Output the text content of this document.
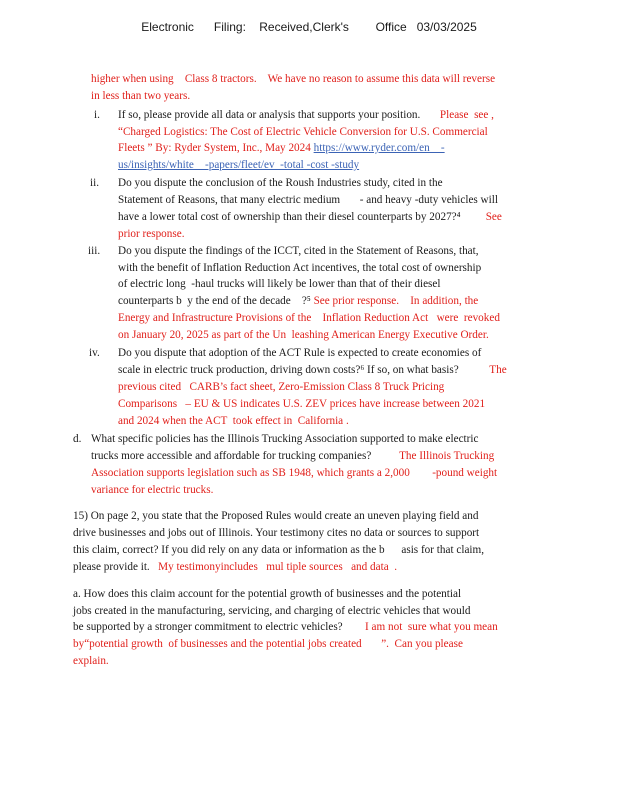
Electronic      Filing:    Received,Clerk's        Office   03/03/2025
higher when using    Class 8 tractors.    We have no reason to assume this data will reverse
in less than two years.
i. If so, please provide all data or analysis that supports your position. Please  see ,
“Charged Logistics: The Cost of Electric Vehicle Conversion for U.S. Commercial
Fleets ” By: Ryder System, Inc., May 2024 https://www.ryder.com/en    -
us/insights/white    -papers/fleet/ev  -total -cost -study
ii. Do you dispute the conclusion of the Roush Industries study, cited in the
Statement of Reasons, that many electric medium       - and heavy -duty vehicles will
have a lower total cost of ownership than their diesel counterparts by 2027?⁴ See
prior response.
iii. Do you dispute the findings of the ICCT, cited in the Statement of Reasons, that,
with the benefit of Inflation Reduction Act incentives, the total cost of ownership
of electric long  -haul trucks will likely be lower than that of their diesel
counterparts b  y the end of the decade    ?⁵ See prior response.    In addition, the
Energy and Infrastructure Provisions of the    Inflation Reduction Act   were  revoked
on January 20, 2025 as part of the Un  leashing American Energy Executive Order.
iv. Do you dispute that adoption of the ACT Rule is expected to create economies of
scale in electric truck production, driving down costs?⁶ If so, on what basis?	The
previous cited   CARB’s fact sheet, Zero-Emission Class 8 Truck Pricing
Comparisons   – EU & US indicates U.S. ZEV prices have increase between 2021
and 2024 when the ACT  took effect in  California .
d. What specific policies has the Illinois Trucking Association supported to make electric
trucks more accessible and affordable for trucking companies? The Illinois Trucking
Association supports legislation such as SB 1948, which grants a 2,000        -pound weight
variance for electric trucks.
15) On page 2, you state that the Proposed Rules would create an uneven playing field and
drive businesses and jobs out of Illinois. Your testimony cites no data or sources to support
this claim, correct? If you did rely on any data or information as the b      asis for that claim,
please provide it. My testimonyincludes   mul tiple sources   and data  .
a. How does this claim account for the potential growth of businesses and the potential
jobs created in the manufacturing, servicing, and charging of electric vehicles that would
be supported by a stronger commitment to electric vehicles? I am not  sure what you mean
by“potential growth  of businesses and the potential jobs created       ”.  Can you please
explain.
